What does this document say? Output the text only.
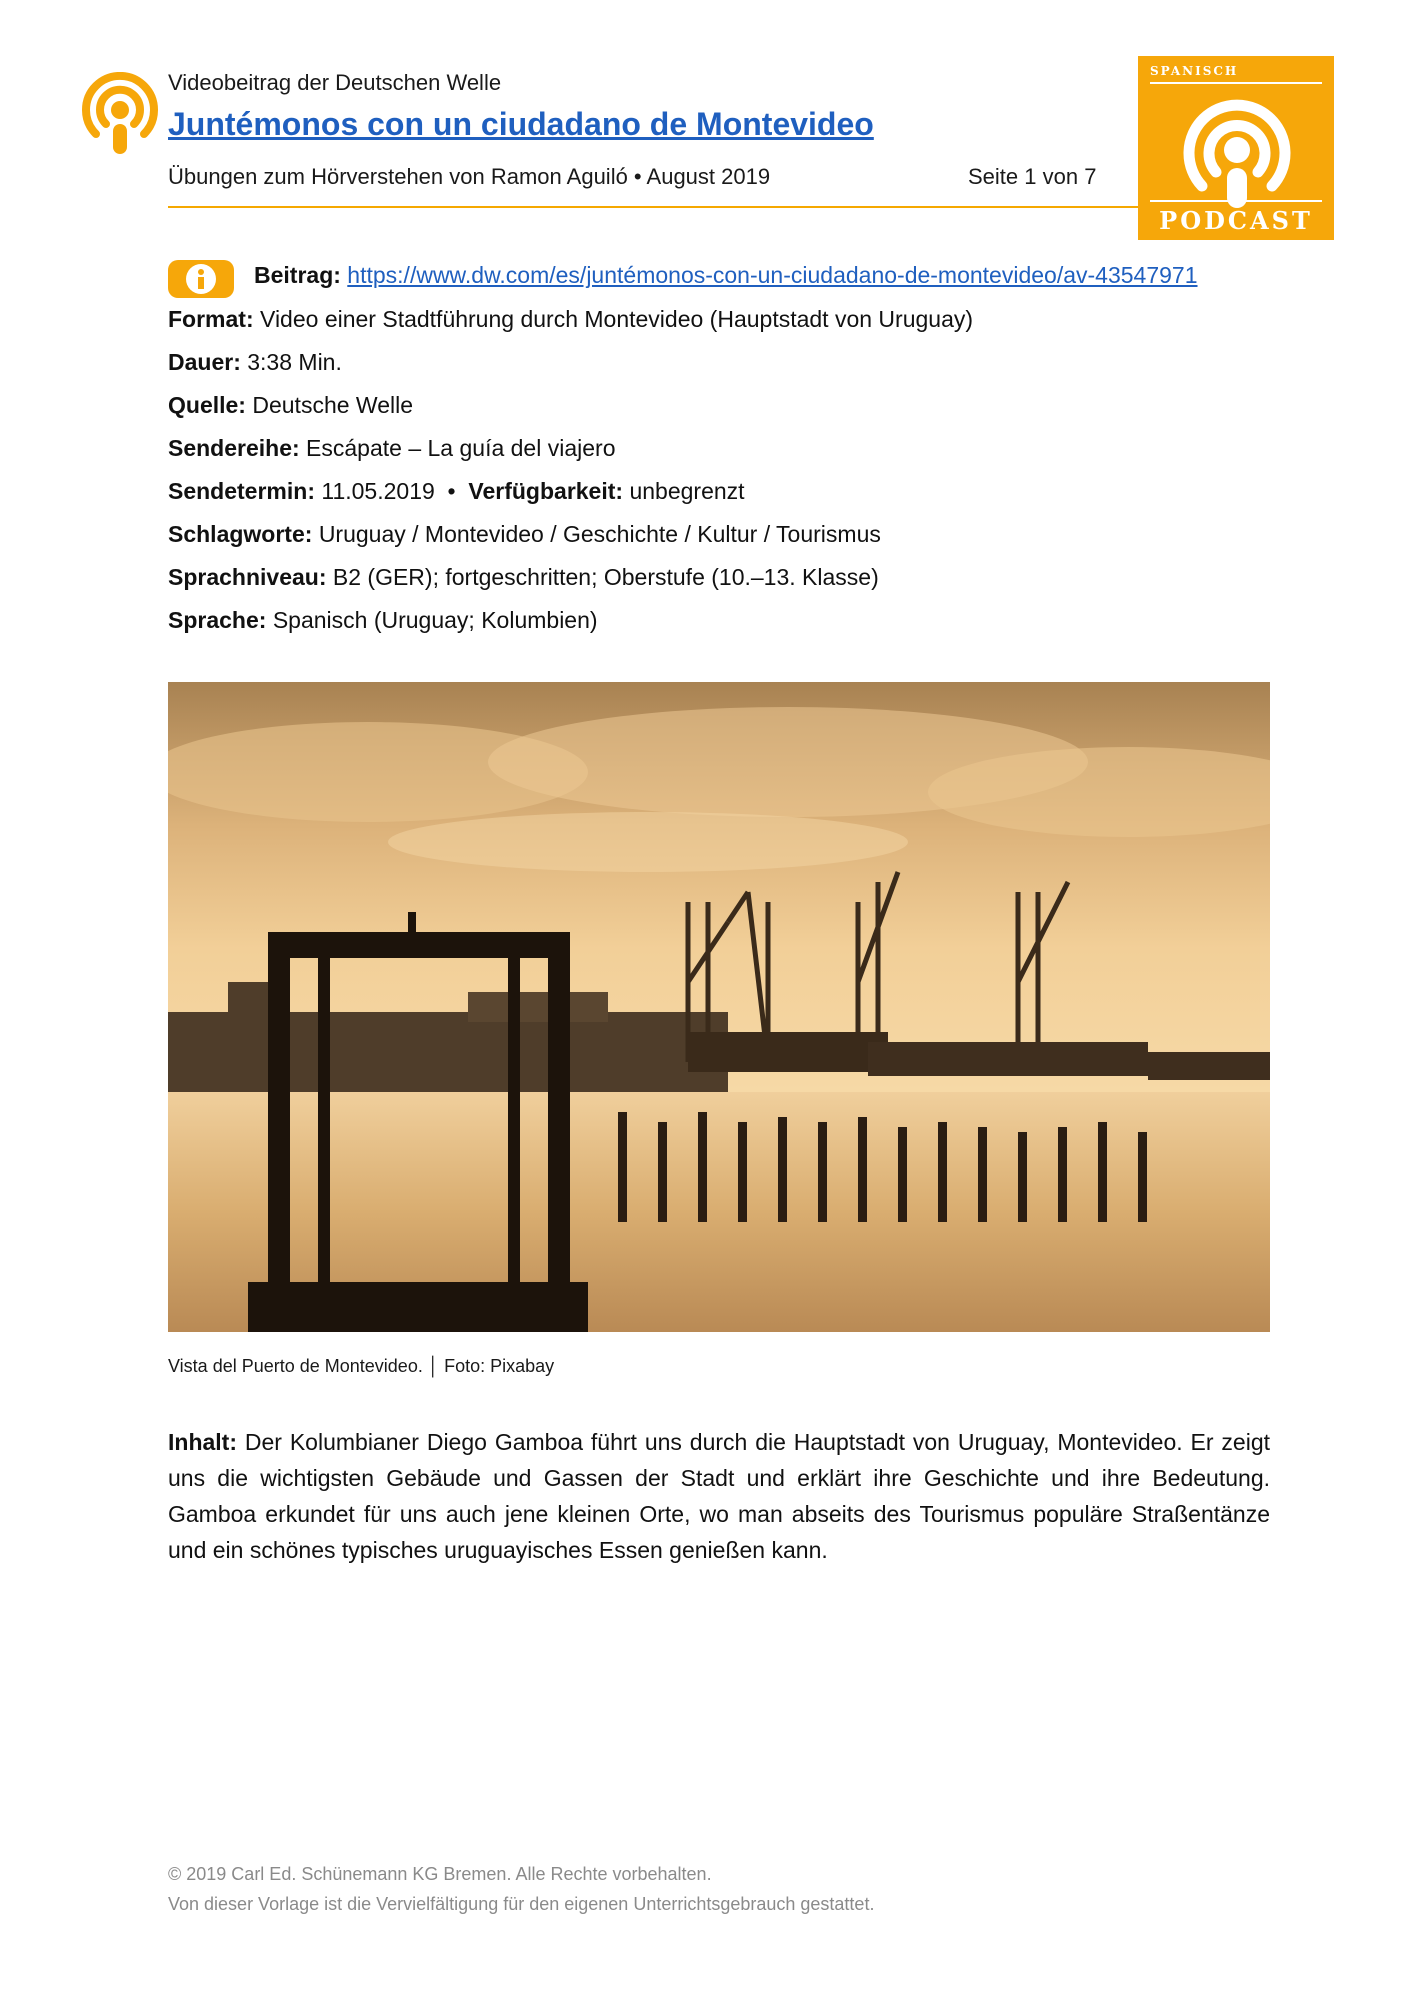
Videobeitrag der Deutschen Welle
Juntémonos con un ciudadano de Montevideo
Übungen zum Hörverstehen von Ramon Aguiló • August 2019	Seite 1 von 7
SPANISCH
PODCAST
Beitrag: https://www.dw.com/es/juntémonos-con-un-ciudadano-de-montevideo/av-43547971
Format: Video einer Stadtführung durch Montevideo (Hauptstadt von Uruguay)
Dauer: 3:38 Min.
Quelle: Deutsche Welle
Sendereihe: Escápate – La guía del viajero
Sendetermin: 11.05.2019  •  Verfügbarkeit: unbegrenzt
Schlagworte: Uruguay / Montevideo / Geschichte / Kultur / Tourismus
Sprachniveau: B2 (GER); fortgeschritten; Oberstufe (10.–13. Klasse)
Sprache: Spanisch (Uruguay; Kolumbien)
Vista del Puerto de Montevideo. │ Foto: Pixabay
Inhalt: Der Kolumbianer Diego Gamboa führt uns durch die Hauptstadt von Uruguay, Montevideo. Er zeigt uns die wichtigsten Gebäude und Gassen der Stadt und erklärt ihre Geschichte und ihre Bedeutung. Gamboa erkundet für uns auch jene kleinen Orte, wo man abseits des Tourismus populäre Straßentänze und ein schönes typisches uruguayisches Essen genießen kann.
© 2019 Carl Ed. Schünemann KG Bremen. Alle Rechte vorbehalten.
Von dieser Vorlage ist die Vervielfältigung für den eigenen Unterrichtsgebrauch gestattet.
